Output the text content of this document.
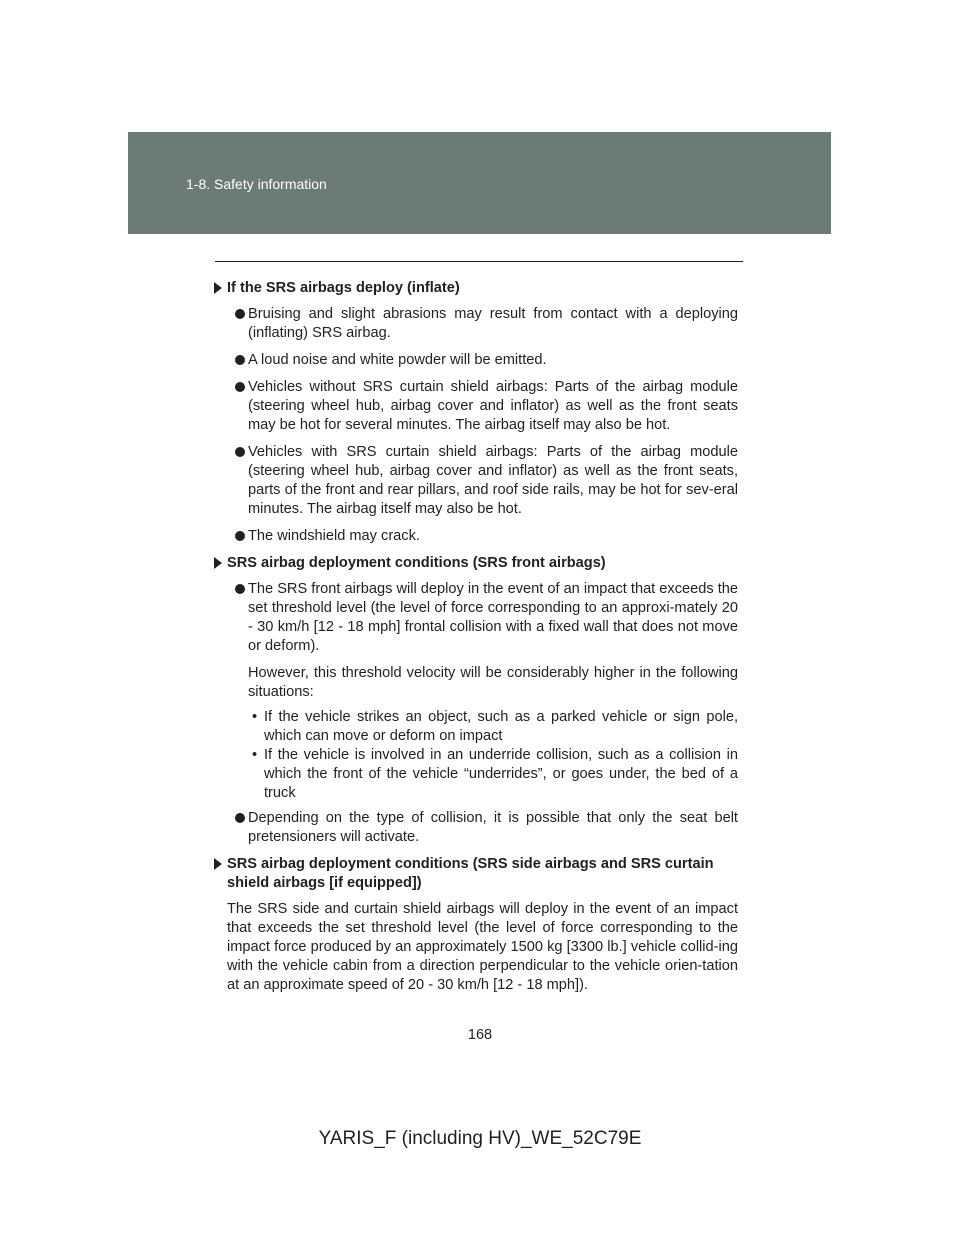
1-8. Safety information
If the SRS airbags deploy (inflate)
Bruising and slight abrasions may result from contact with a deploying (inflating) SRS airbag.
A loud noise and white powder will be emitted.
Vehicles without SRS curtain shield airbags: Parts of the airbag module (steering wheel hub, airbag cover and inflator) as well as the front seats may be hot for several minutes. The airbag itself may also be hot.
Vehicles with SRS curtain shield airbags: Parts of the airbag module (steering wheel hub, airbag cover and inflator) as well as the front seats, parts of the front and rear pillars, and roof side rails, may be hot for sev-eral minutes. The airbag itself may also be hot.
The windshield may crack.
SRS airbag deployment conditions (SRS front airbags)
The SRS front airbags will deploy in the event of an impact that exceeds the set threshold level (the level of force corresponding to an approxi-mately 20 - 30 km/h [12 - 18 mph] frontal collision with a fixed wall that does not move or deform).
However, this threshold velocity will be considerably higher in the following situations:
• If the vehicle strikes an object, such as a parked vehicle or sign pole, which can move or deform on impact
• If the vehicle is involved in an underride collision, such as a collision in which the front of the vehicle “underrides”, or goes under, the bed of a truck
Depending on the type of collision, it is possible that only the seat belt pretensioners will activate.
SRS airbag deployment conditions (SRS side airbags and SRS curtain shield airbags [if equipped])
The SRS side and curtain shield airbags will deploy in the event of an impact that exceeds the set threshold level (the level of force corresponding to the impact force produced by an approximately 1500 kg [3300 lb.] vehicle collid-ing with the vehicle cabin from a direction perpendicular to the vehicle orien-tation at an approximate speed of 20 - 30 km/h [12 - 18 mph]).
168
YARIS_F (including HV)_WE_52C79E
